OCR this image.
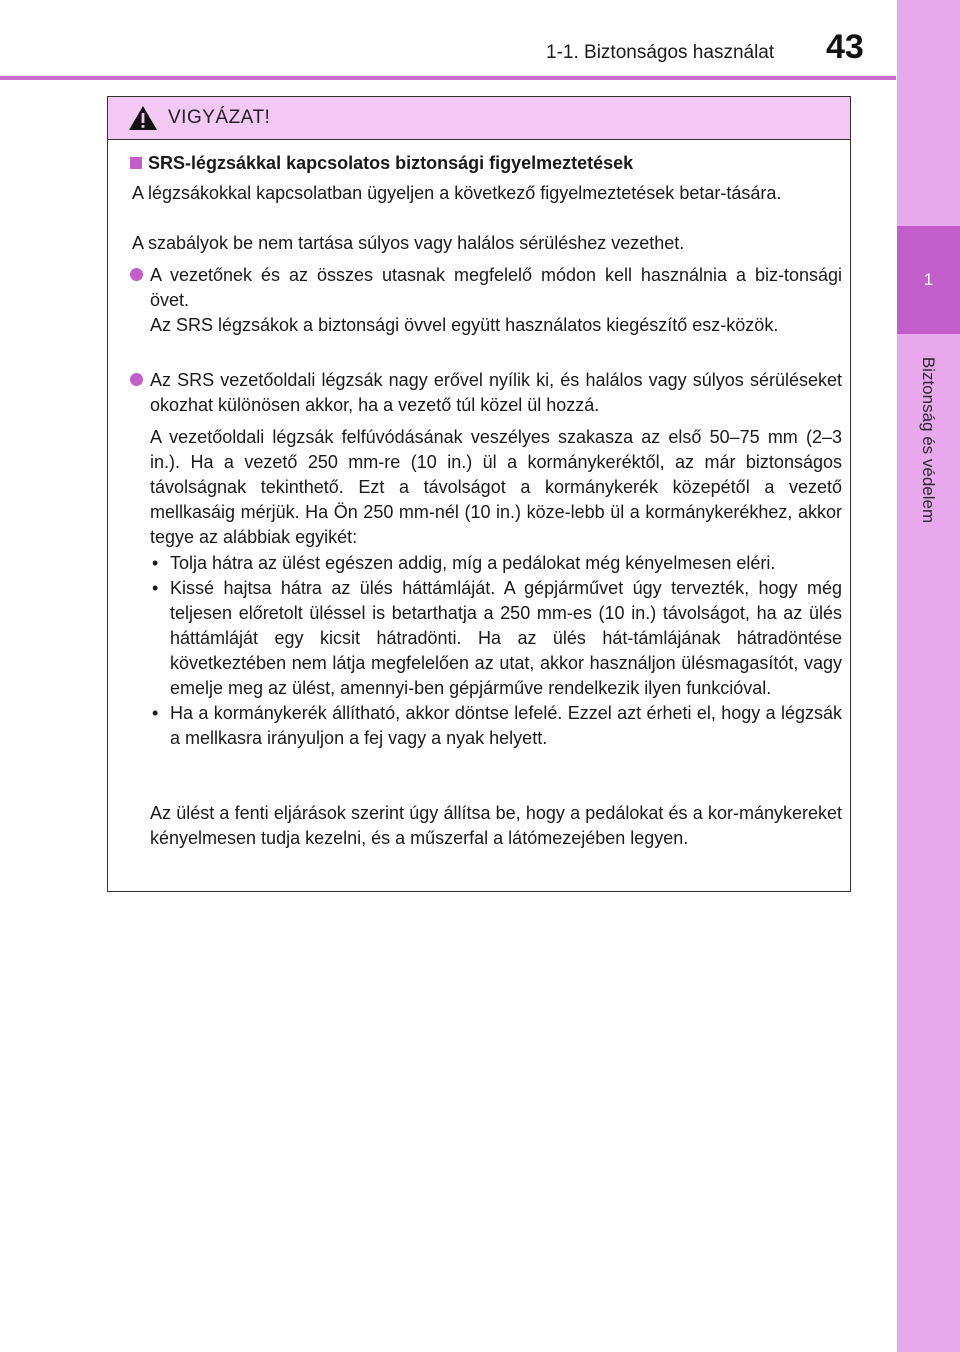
1-1. Biztonságos használat 43
1
Biztonság és védelem
VIGYÁZAT!
SRS-légzsákkal kapcsolatos biztonsági figyelmeztetések
A légzsákokkal kapcsolatban ügyeljen a következő figyelmeztetések betar-tására.
A szabályok be nem tartása súlyos vagy halálos sérüléshez vezethet.
A vezetőnek és az összes utasnak megfelelő módon kell használnia a biz-tonsági övet.
Az SRS légzsákok a biztonsági övvel együtt használatos kiegészítő esz-közök.
Az SRS vezetőoldali légzsák nagy erővel nyílik ki, és halálos vagy súlyos sérüléseket okozhat különösen akkor, ha a vezető túl közel ül hozzá.
A vezetőoldali légzsák felfúvódásának veszélyes szakasza az első 50–75 mm (2–3 in.). Ha a vezető 250 mm-re (10 in.) ül a kormánykeréktől, az már biztonságos távolságnak tekinthető. Ezt a távolságot a kormánykerék közepétől a vezető mellkasáig mérjük. Ha Ön 250 mm-nél (10 in.) köze-lebb ül a kormánykerékhez, akkor tegye az alábbiak egyikét:
• Tolja hátra az ülést egészen addig, míg a pedálokat még kényelmesen eléri.
• Kissé hajtsa hátra az ülés háttámláját. A gépjárművet úgy tervezték, hogy még teljesen előretolt üléssel is betarthatja a 250 mm-es (10 in.) távolságot, ha az ülés háttámláját egy kicsit hátradönti. Ha az ülés hát-támlájának hátradöntése következtében nem látja megfelelően az utat, akkor használjon ülésmagasítót, vagy emelje meg az ülést, amennyi-ben gépjárműve rendelkezik ilyen funkcióval.
• Ha a kormánykerék állítható, akkor döntse lefelé. Ezzel azt érheti el, hogy a légzsák a mellkasra irányuljon a fej vagy a nyak helyett.
Az ülést a fenti eljárások szerint úgy állítsa be, hogy a pedálokat és a kor-mánykereket kényelmesen tudja kezelni, és a műszerfal a látómezejében legyen.
